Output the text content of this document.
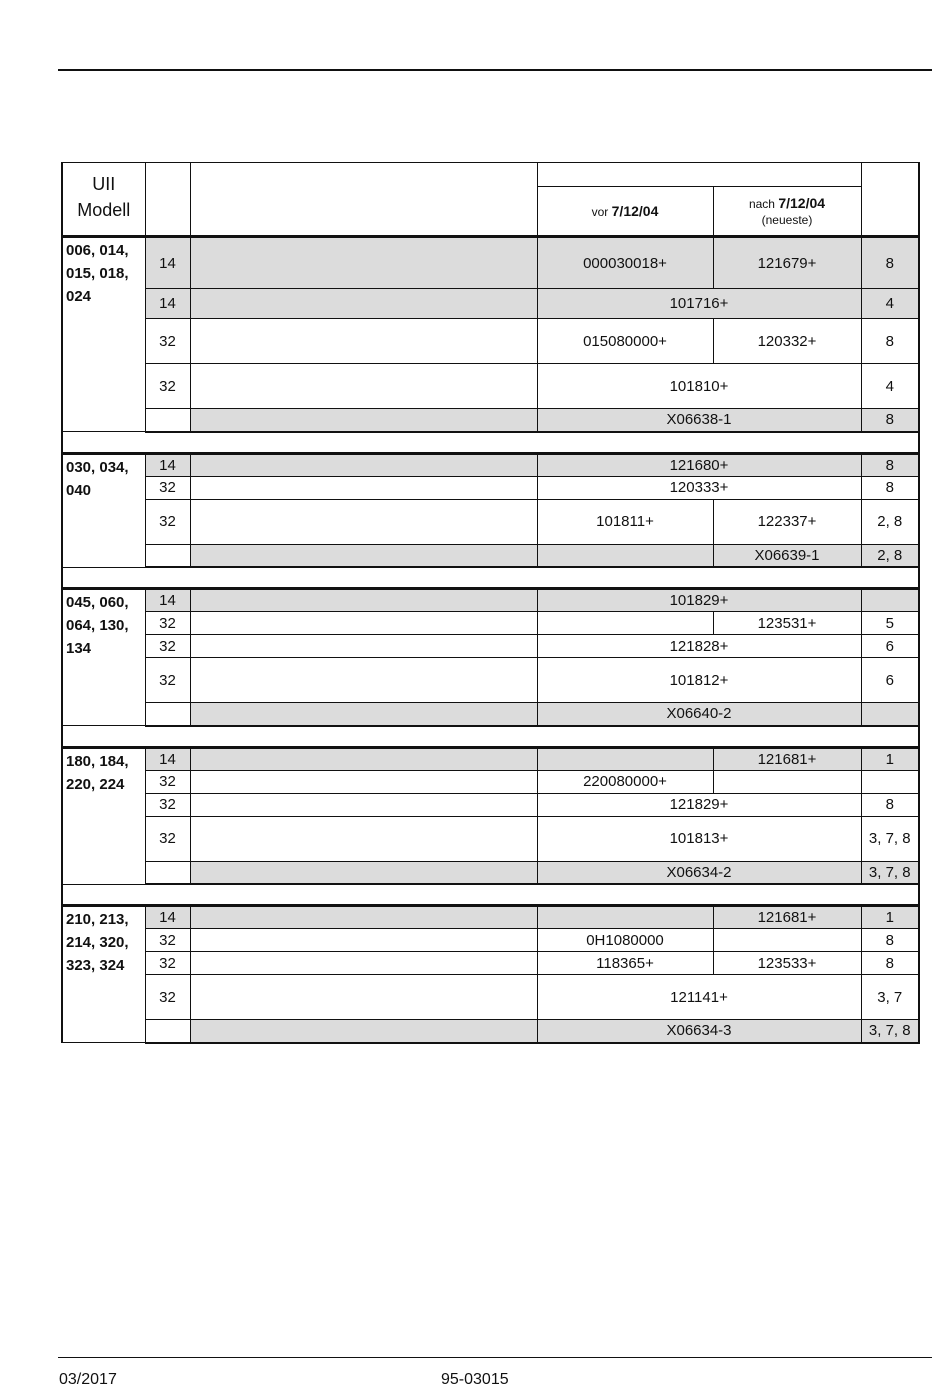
UII
Modell					

			vor 7/12/04	nach 7/12/04
(neueste)	
006, 014, 015, 018, 024	14		000030018+	121679+	8
	14		101716+		4
	32		015080000+	120332+	8
	32		101810+		4
			X06638-1		8

030, 034, 040	14		121680+		8
	32		120333+		8
	32		101811+	122337+	2, 8
				X06639-1	2, 8

045, 060, 064, 130, 134	14		101829+		
	32			123531+	5
	32		121828+		6
	32		101812+		6
			X06640-2		

180, 184, 220, 224	14			121681+	1
	32		220080000+		
	32		121829+		8
	32		101813+		3, 7, 8
			X06634-2		3, 7, 8

210, 213, 214, 320, 323, 324	14			121681+	1
	32		0H1080000		8
	32		118365+	123533+	8
	32		121141+		3, 7
			X06634-3		3, 7, 8
03/2017	95-03015
